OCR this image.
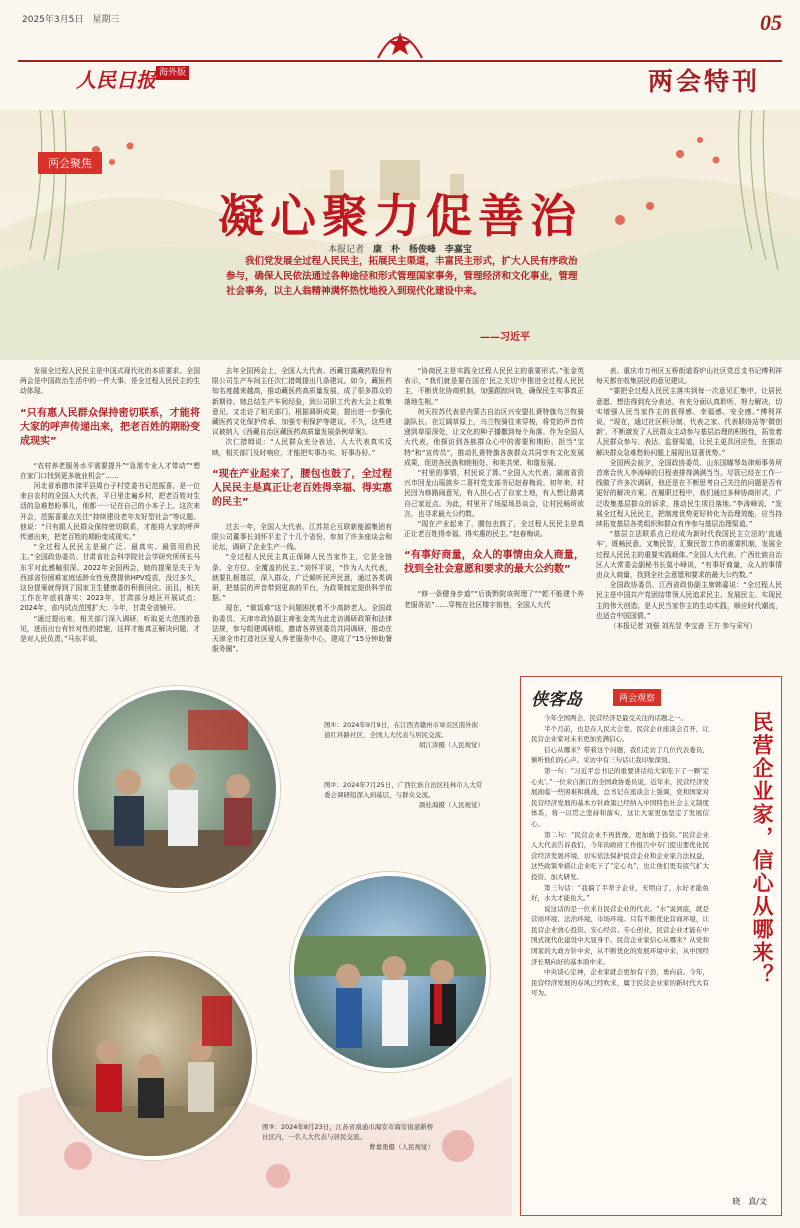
2025年3月5日　星期三	05
人民日报 海外版	两会特刊
两会聚焦
凝心聚力促善治
本报记者 康　朴 杨俊峰 李嘉宝
我们党发展全过程人民民主，拓展民主渠道，丰富民主形式，扩大人民有序政治参与，确保人民依法通过各种途径和形式管理国家事务，管理经济和文化事业，管理社会事务，以主人翁精神满怀热忱地投入到现代化建设中来。
——习近平

发展全过程人民民主是中国式现代化的本质要求。全国两会是中国政治生活中的一件大事，是全过程人民民主的生动体现。

“只有惠人民群众保持密切联系，才能将大家的呼声传递出来，把老百姓的期盼变成现实”

“农村养老服务水平需要提升”“急需专业人才带动”“想在家门口找到更多就业机会”……

河北省承德市滦平县周台子村党委书记范振喜，是一位来自农村的全国人大代表，平日里走遍乡村，把老百姓对生活的急难愁盼事儿，他都一一记在自己的小本子上。这次来开会，范振喜重点关注“持续建设老年友好型社会”等议题。他说：“只有跟人民群众保持密切联系，才能将大家的呼声传递出来，把老百姓的期盼变成现实。”

“全过程人民民主是最广泛、最真实、最管用的民主。”全国政协委员、甘肃省社会科学院社会学研究所所长马东平对此感触很深。2022年全国两会，她的提案是关于为西部省份困难家庭适龄女性免费提供HPV疫苗，没过多久，这份提案就得到了国家卫生健康委的积极回应。而且，相关工作在年底前落实：2023年，甘肃部分地区开展试点；2024年，省内试点范围扩大；今年，甘肃全省铺开。

“通过提出来，相关部门深入调研，听取更大范围的意见，进而出台有针对性的措施，这样才能真正解决问题，才是对人民负责。”马东平说。

去年全国两会上，全国人大代表、西藏甘露藏药股份有限公司生产车间主任次仁措姆提出几条建议。如今，藏医药知名度越来越高，推动藏医药高质量发展，成了很多群众的新期待。她总结生产车间经验，到公司职工代表大会上收集意见，又走访了相关部门，根据调研成果，提出进一步强化藏医药文化保护传承、加强专利保护等建议。不久，这些建议被纳入《西藏自治区藏医药高质量发展条例草案》。

次仁措姆说：“人民群众充分表达，人大代表真实反映，相关部门及时响应，才能把实事办实、好事办好。”

“现在产业起来了，腰包也鼓了，全过程人民民主是真正让老百姓得幸福、得实惠的民主”

过去一年，全国人大代表、江苏昆仑互联新能源集团有限公司董事长刘怀平走了十几个省份，参加了许多座谈会和论坛，调研了企业生产一线。

“全过程人民民主真正保障人民当家作主，它是全链条、全方位、全覆盖的民主。”刘怀平说，“作为人大代表，就要扎根基层，深入群众，广泛倾听民声民意，通过各类调研，把基层的声音带到更高的平台，为政策制定提供科学依据。”

现在，“做饭难”这个问题困扰着不少高龄老人。全国政协委员、天津市政协副主席张金英为此走访调研政策和法律法规，参与组建调研组，邀请各界别委员共同调研，推动在天津全市打造社区爱人养老服务中心，建成了“15分钟助餐服务圈”。

“协商民主是实践全过程人民民主的重要形式。”张金英表示，“我们就是要在国在‘民之关切’中推进全过程人民民主，不断优化协商机制，加强跟踪问效，确保民生实事真正落地生根。”

何天拉苏代表是内蒙古自治区兴安盟扎赉特旗乌兰牧骑副队长。在辽阔草原上，乌兰牧骑往来穿梭，将党的声音传递到草原深处，让文化的种子播撒到每个角落。作为全国人大代表，他探访到各族群众心中的需要和期盼，担当“宝特”和“宣传员”，推动扎赉特旗各族群众共同享有文化发展成果，促进各民族和睦相处、和美共荣、和谐发展。

“村里的事情，村民说了算。”全国人大代表、湖南省资兴市回龙山瑶族乡二喜村党支部书记赵春梅说。初年来，村民因为修路闹意见，有人担心占了自家土地，有人想让路离自己家近点。为此，村里开了场屋场恳谈会，让村民畅所欲言，也寻求最大公约数。

“现在产业起来了，腰包也鼓了，全过程人民民主是真正让老百姓得幸福、得实惠的民主。”赵春梅说。

“有事好商量，众人的事情由众人商量，找到全社会意愿和要求的最大公约数”

“修一条健身步道”“后街黔院该规理了”“乾不能建个养老服务站”……穿梭在社区楼宇街巷，全国人大代

表、重庆市万州区五桥街道香炉山社区党总支书记傅利祥每天都在收集居民的意见建议。

“要把全过程人民民主落实到每一次意见汇集中，让居民意愿、想法得到充分表达，有充分面认真聆听，努力解决，切实增强人民当家作主的获得感、幸福感、安全感。”傅利祥说，“现在，通过社区积分制、代表之家、代表联络站等‘微创新’，不断激发了人民群众主动参与基层治理的积极性，拓宽着人民群众参与、表达、监督渠道，让民主更具回应性，在推动解决群众急难愁盼问题上展现出显著优势。”

全国两会前夕，全国政协委员、山东国曜琴岛律师事务所首席合伙人李涛峰的日程表排得满满当当。尽管已经在工作一线做了许多次调研，他还是在不断思考自己关注的问题是否有更好的解决方案。在履职过程中，我们通过多种协商形式，广泛收集基层群众的诉求，推动民生项目落地。”李涛峰说，“发展全过程人民民主，把制度优势更好转化为治理效能，应当持续拓宽基层各类组织和群众有序参与基层治理渠道。”

“基层立法联系点已经成为新时代我国民主立法的‘直通车’，既畅民意，又集民智，汇聚民智工作的重要机制，发展全过程人民民主的重要实践载体。”全国人大代表、广西壮族自治区人大常委会副秘书长莫小峰说，“有事好商量，众人的事情由众人商量，找到全社会意愿和要求的最大公约数。”

全国政协委员、江西省政协副主席韩嘉说：“全过程人民民主是中国共产党团结带领人民追求民主、发展民主、实现民主的伟大创造。是人民当家作主的生动实践，顺应时代潮流，也适合中国国情。”

（本报记者 刘强 刘光昱 李宝善 王方 参与采写）

图①：2024年9月9日，在江西省赣州市章贡区南外街道红环路社区，全国人大代表与居民交流。
胡江涛摄（人民视觉）
图②：2024年7月25日，广西壮族自治区桂林市人大常委会调研组深入到基层，与群众交流。
颜桂海摄（人民视觉）
图③：2024年8月23日，江苏省南通市海安市海安街道新桥社区内，一名人大代表与居民交流。
曹嘉勇摄（人民视觉）
侠客岛	两会观察

今年全国两会，民营经济是最受关注的话题之一。

半个月前，也是在人民大会堂，民营企业座谈会召开，让民营企业家对未来更加充满信心。

信心从哪来？带着这个问题，我们走访了几位代表委员，倾听他们的心声。采访中有三句话让我印象深刻。

第一句：“习近平总书记的重要讲话给大家吃下了一颗‘定心丸’。”一位来自浙江的全国政协委员说，近年来，民营经济发展面临一些困难和挑战，总书记在座谈会上强调，党和国家对民营经济发展的基本方针政策已经纳入中国特色社会主义制度体系，将一以贯之坚持和落实，这让大家更加坚定了发展信心。

第二句：“民营企业不再犹豫，更加敢于投资。”民营企业人大代表告诉我们，今年的政府工作报告中专门提出要优化民营经济发展环境，切实依法保护民营企业和企业家合法权益，这些政策举措让企业吃下了“定心丸”，也让他们更有底气扩大投资、加大研发。

第三句话：“我搞了半辈子企业，无明白了，水好才能鱼好，水大才能鱼大。”

说这话的是一位来自民营企业的代表。“水”说到底，就是营商环境、法治环境、市场环境。只有不断优化营商环境，让民营企业放心投资、安心经营、专心创业，民营企业才能在中国式现代化建设中大显身手。民营企业家信心从哪来？从党和国家的大政方针中来，从不断优化的发展环境中来，从中国经济长期向好的基本面中来。

中央谈心定神，企业家就会更加有干劲，勇向前。今年，民营经济发展的春风已经吹来，属于民营企业家的新时代大有可为。

民营企业家，信心从哪来？
晓　真/文
